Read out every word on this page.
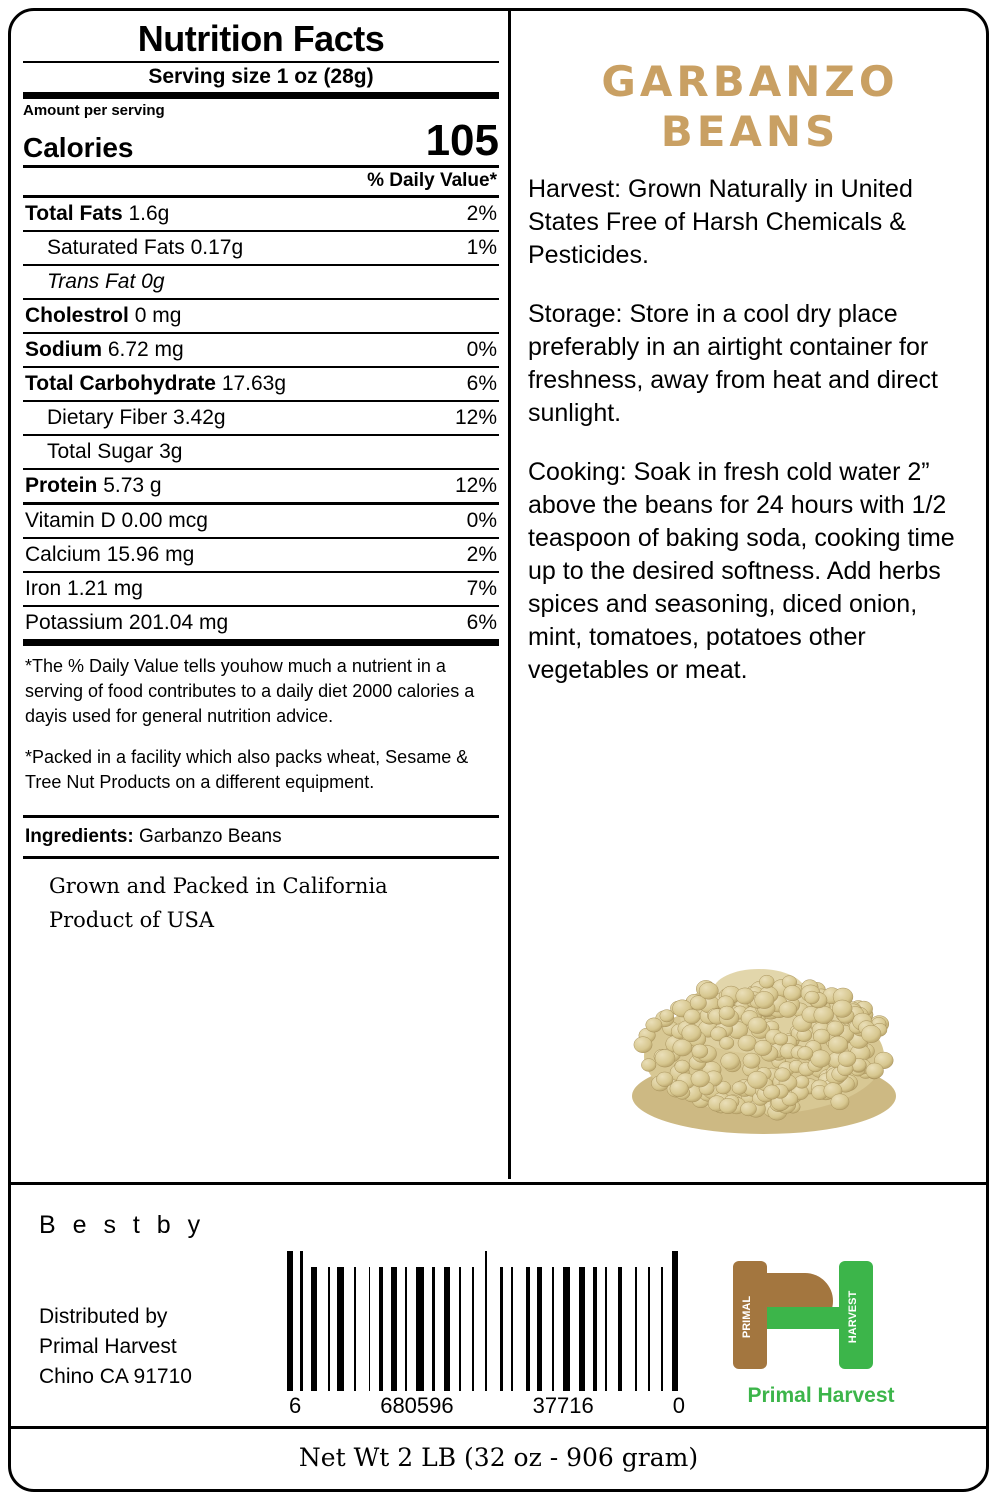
Nutrition Facts
Serving size 1 oz (28g)
Amount per serving
Calories	105
% Daily Value*
Total Fats 1.6g	2%
Saturated Fats 0.17g	1%
Trans Fat 0g
Cholestrol 0 mg
Sodium 6.72 mg	0%
Total Carbohydrate 17.63g	6%
Dietary Fiber 3.42g	12%
Total Sugar 3g
Protein 5.73 g	12%
Vitamin D 0.00 mcg	0%
Calcium 15.96 mg	2%
Iron 1.21 mg	7%
Potassium 201.04 mg	6%

*The % Daily Value tells youhow much a nutrient in a serving of food contributes to a daily diet 2000 calories a dayis used for general nutrition advice.

*Packed in a facility which also packs wheat, Sesame & Tree Nut Products on a different equipment.

Ingredients: Garbanzo Beans
Grown and Packed in California
Product of USA
GARBANZO
BEANS

Harvest: Grown Naturally in United States Free of Harsh Chemicals & Pesticides.

Storage: Store in a cool dry place preferably in an airtight container for freshness, away from heat and direct sunlight.

Cooking: Soak in fresh cold water 2” above the beans for 24 hours with 1/2 teaspoon of baking soda, cooking time up to the desired softness. Add herbs spices and seasoning, diced onion, mint, tomatoes, potatoes other vegetables or meat.

B e s t b y
Distributed by
Primal Harvest
Chino CA 91710
6	680596	37716	0
PRIMAL	HARVEST
Primal Harvest
Net Wt 2 LB (32 oz - 906 gram)
